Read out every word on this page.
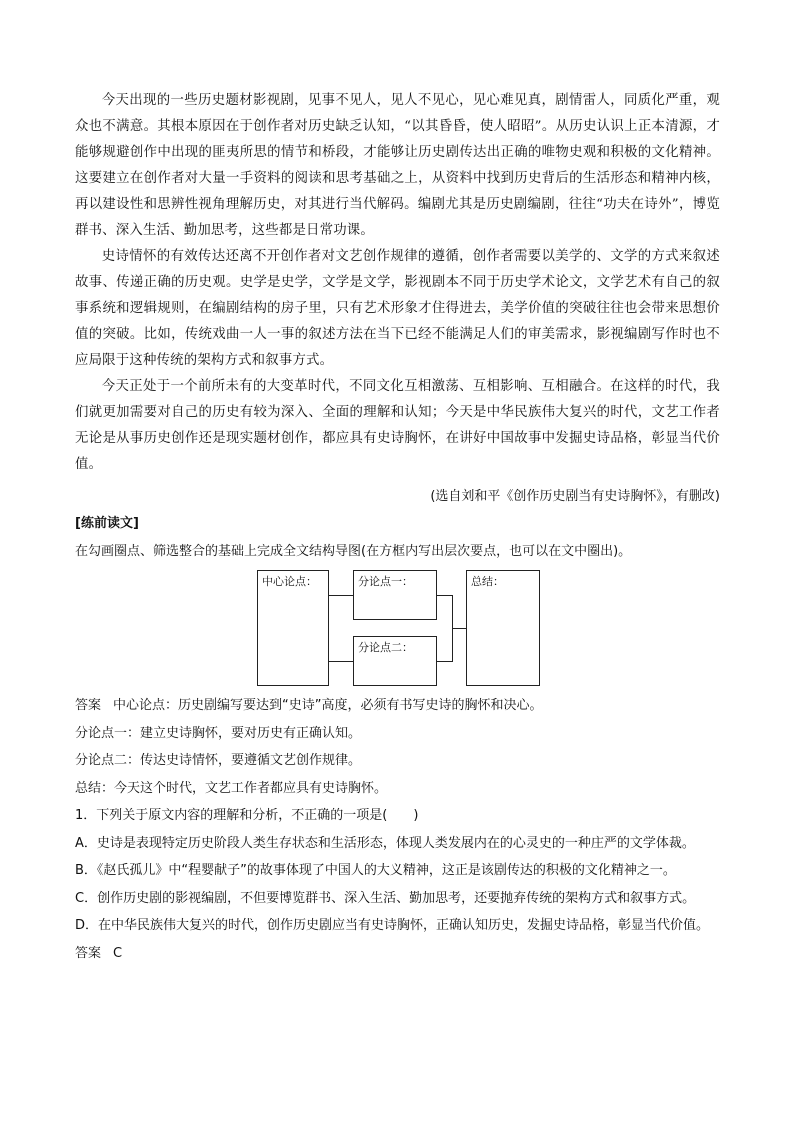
今天出现的一些历史题材影视剧，见事不见人，见人不见心，见心难见真，剧情雷人，同质化严重，观众也不满意。其根本原因在于创作者对历史缺乏认知，“以其昏昏，使人昭昭”。从历史认识上正本清源，才能够规避创作中出现的匪夷所思的情节和桥段，才能够让历史剧传达出正确的唯物史观和积极的文化精神。这要建立在创作者对大量一手资料的阅读和思考基础之上，从资料中找到历史背后的生活形态和精神内核，再以建设性和思辨性视角理解历史，对其进行当代解码。编剧尤其是历史剧编剧，往往“功夫在诗外”，博览群书、深入生活、勤加思考，这些都是日常功课。

史诗情怀的有效传达还离不开创作者对文艺创作规律的遵循，创作者需要以美学的、文学的方式来叙述故事、传递正确的历史观。史学是史学，文学是文学，影视剧本不同于历史学术论文，文学艺术有自己的叙事系统和逻辑规则，在编剧结构的房子里，只有艺术形象才住得进去，美学价值的突破往往也会带来思想价值的突破。比如，传统戏曲一人一事的叙述方法在当下已经不能满足人们的审美需求，影视编剧写作时也不应局限于这种传统的架构方式和叙事方式。

今天正处于一个前所未有的大变革时代，不同文化互相激荡、互相影响、互相融合。在这样的时代，我们就更加需要对自己的历史有较为深入、全面的理解和认知；今天是中华民族伟大复兴的时代，文艺工作者无论是从事历史创作还是现实题材创作，都应具有史诗胸怀，在讲好中国故事中发掘史诗品格，彰显当代价值。

(选自刘和平《创作历史剧当有史诗胸怀》，有删改)

[练前读文]

在勾画圈点、筛选整合的基础上完成全文结构导图(在方框内写出层次要点，也可以在文中圈出)。

中心论点：	分论点一：
分论点二：
总结：

答案 中心论点：历史剧编写要达到“史诗”高度，必须有书写史诗的胸怀和决心。

分论点一：建立史诗胸怀，要对历史有正确认知。

分论点二：传达史诗情怀，要遵循文艺创作规律。

总结：今天这个时代，文艺工作者都应具有史诗胸怀。

1．下列关于原文内容的理解和分析，不正确的一项是(　　)

A．史诗是表现特定历史阶段人类生存状态和生活形态，体现人类发展内在的心灵史的一种庄严的文学体裁。

B．《赵氏孤儿》中“程婴献子”的故事体现了中国人的大义精神，这正是该剧传达的积极的文化精神之一。

C．创作历史剧的影视编剧，不但要博览群书、深入生活、勤加思考，还要抛弃传统的架构方式和叙事方式。

D．在中华民族伟大复兴的时代，创作历史剧应当有史诗胸怀，正确认知历史，发掘史诗品格，彰显当代价值。

答案 C
